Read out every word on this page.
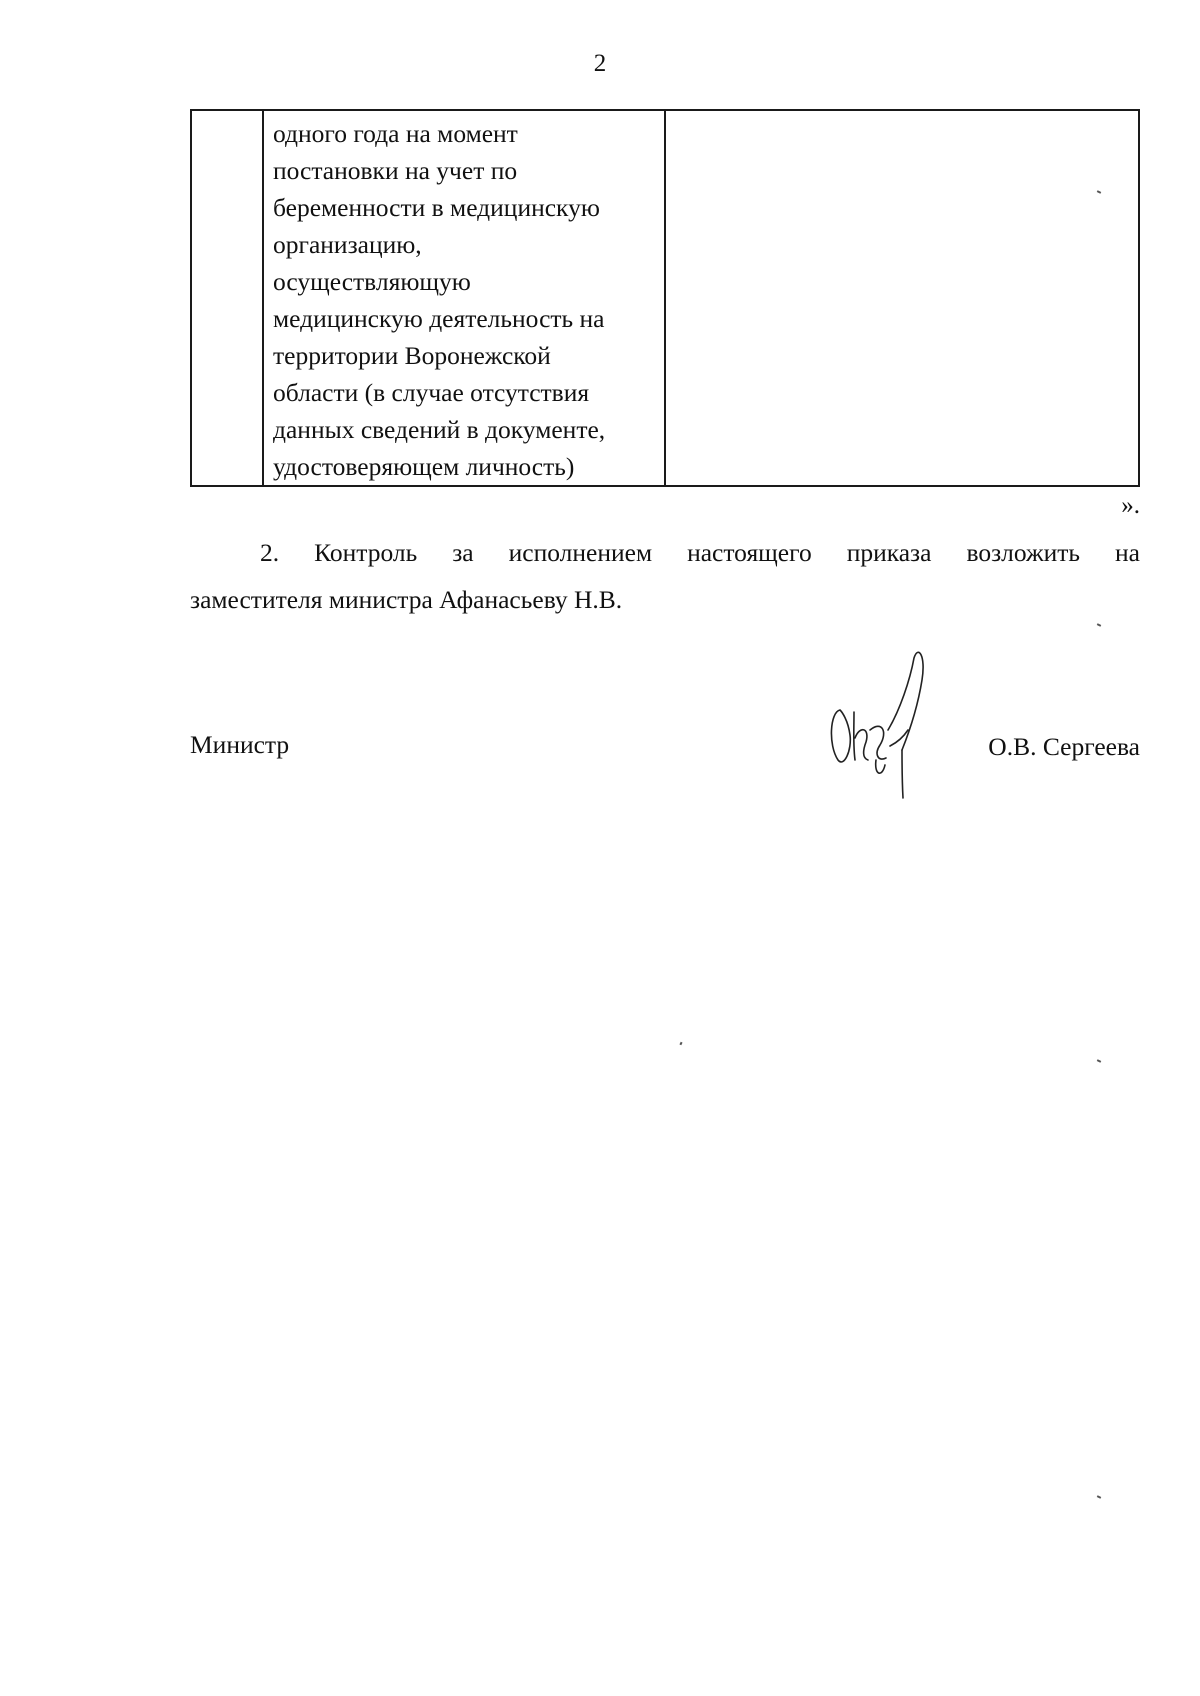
2

одного года на момент
постановки на учет по
беременности в медицинскую
организацию,
осуществляющую
медицинскую деятельность на
территории Воронежской
области (в случае отсутствия
данных сведений в документе,
удостоверяющем личность)

».
2. Контроль за исполнением настоящего приказа возложить на
заместителя министра Афанасьеву Н.В.
Министр	О.В. Сергеева
